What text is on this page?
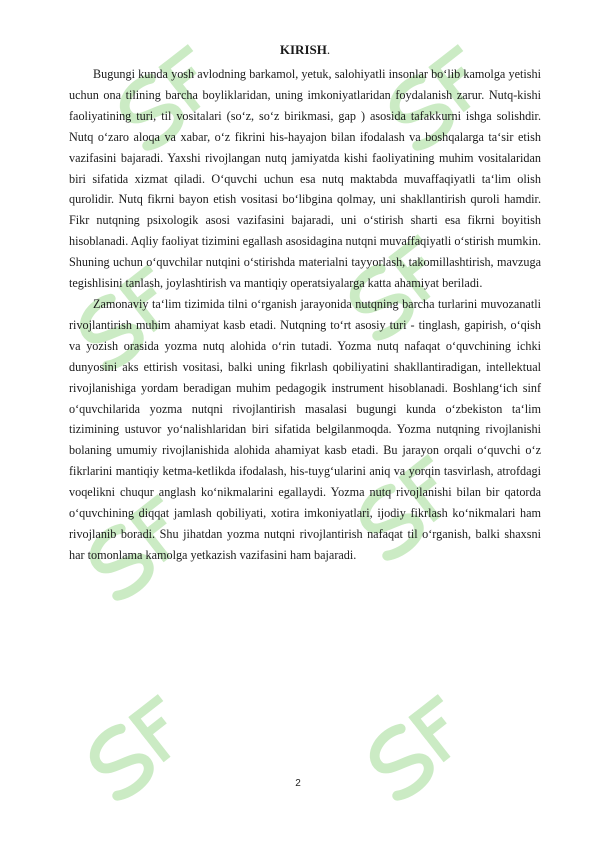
KIRISH.

Bugungi kunda yosh avlodning barkamol, yetuk, salohiyatli insonlar bo‘lib kamolga yetishi uchun ona tilining barcha boyliklaridan, uning imkoniyatlaridan foydalanish zarur. Nutq-kishi faoliyatining turi, til vositalari (so‘z, so‘z birikmasi, gap ) asosida tafakkurni ishga solishdir. Nutq o‘zaro aloqa va xabar, o‘z fikrini his-hayajon bilan ifodalash va boshqalarga ta‘sir etish vazifasini bajaradi. Yaxshi rivojlangan nutq jamiyatda kishi faoliyatining muhim vositalaridan biri sifatida xizmat qiladi. O‘quvchi uchun esa nutq maktabda muvaffaqiyatli ta‘lim olish qurolidir. Nutq fikrni bayon etish vositasi bo‘libgina qolmay, uni shakllantirish quroli hamdir. Fikr nutqning psixologik asosi vazifasini bajaradi, uni o‘stirish sharti esa fikrni boyitish hisoblanadi. Aqliy faoliyat tizimini egallash asosidagina nutqni muvaffaqiyatli o‘stirish mumkin. Shuning uchun o‘quvchilar nutqini o‘stirishda materialni tayyorlash, takomillashtirish, mavzuga tegishlisini tanlash, joylashtirish va mantiqiy operatsiyalarga katta ahamiyat beriladi.

Zamonaviy ta‘lim tizimida tilni o‘rganish jarayonida nutqning barcha turlarini muvozanatli rivojlantirish muhim ahamiyat kasb etadi. Nutqning to‘rt asosiy turi - tinglash, gapirish, o‘qish va yozish orasida yozma nutq alohida o‘rin tutadi. Yozma nutq nafaqat o‘quvchining ichki dunyosini aks ettirish vositasi, balki uning fikrlash qobiliyatini shakllantiradigan, intellektual rivojlanishiga yordam beradigan muhim pedagogik instrument hisoblanadi. Boshlang‘ich sinf o‘quvchilarida yozma nutqni rivojlantirish masalasi bugungi kunda o‘zbekiston ta‘lim tizimining ustuvor yo‘nalishlaridan biri sifatida belgilanmoqda. Yozma nutqning rivojlanishi bolaning umumiy rivojlanishida alohida ahamiyat kasb etadi. Bu jarayon orqali o‘quvchi o‘z fikrlarini mantiqiy ketma-ketlikda ifodalash, his-tuyg‘ularini aniq va yorqin tasvirlash, atrofdagi voqelikni chuqur anglash ko‘nikmalarini egallaydi. Yozma nutq rivojlanishi bilan bir qatorda o‘quvchining diqqat jamlash qobiliyati, xotira imkoniyatlari, ijodiy fikrlash ko‘nikmalari ham rivojlanib boradi. Shu jihatdan yozma nutqni rivojlantirish nafaqat til o‘rganish, balki shaxsni har tomonlama kamolga yetkazish vazifasini ham bajaradi.

2
